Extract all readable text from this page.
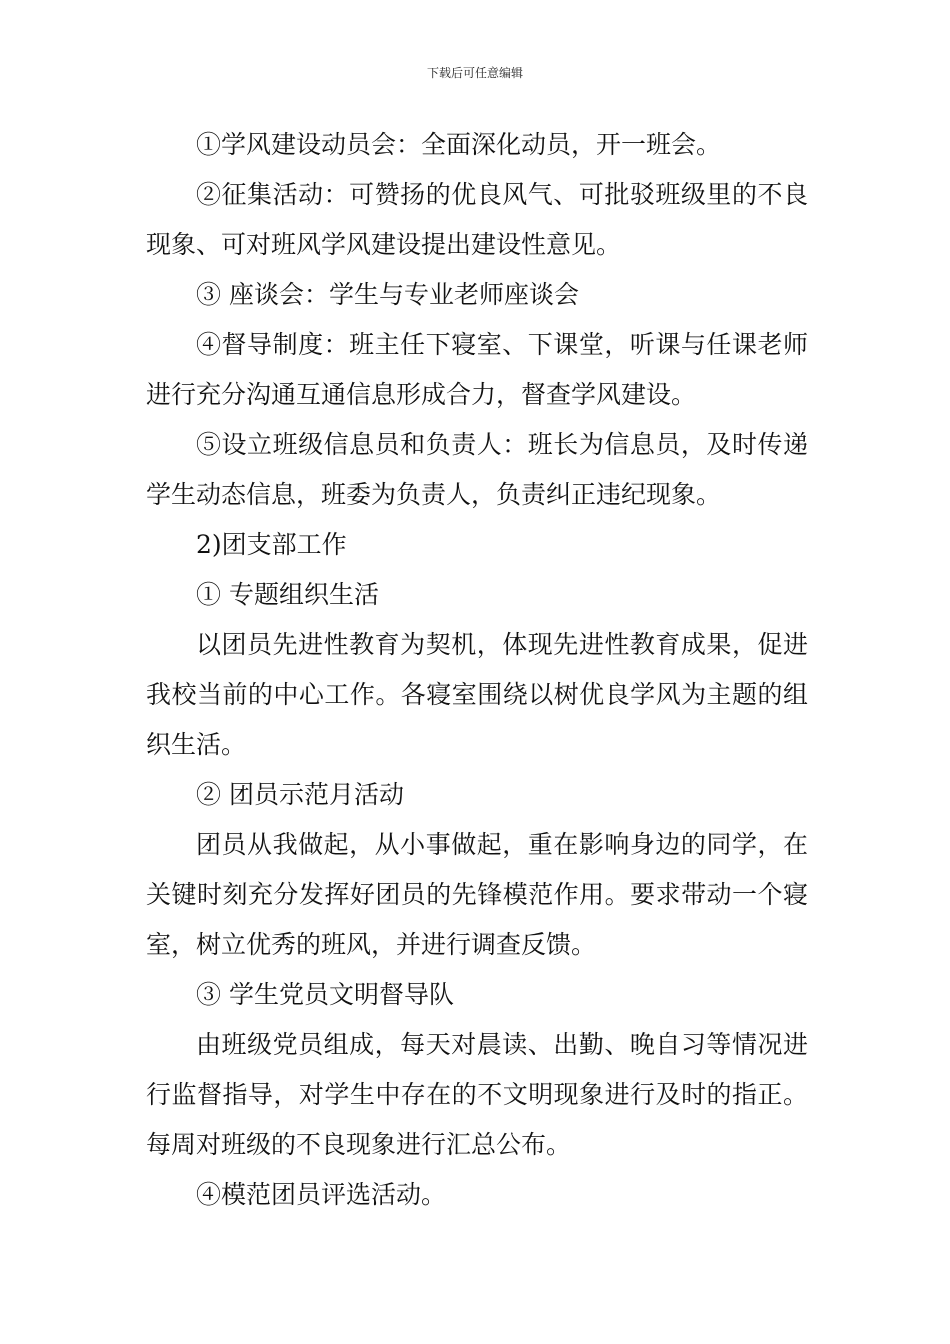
下载后可任意编辑

①学风建设动员会：全面深化动员，开一班会。

②征集活动：可赞扬的优良风气、可批驳班级里的不良现象、可对班风学风建设提出建设性意见。

③ 座谈会：学生与专业老师座谈会

④督导制度：班主任下寝室、下课堂，听课与任课老师进行充分沟通互通信息形成合力，督查学风建设。

⑤设立班级信息员和负责人：班长为信息员，及时传递学生动态信息，班委为负责人，负责纠正违纪现象。

2)团支部工作

① 专题组织生活

以团员先进性教育为契机，体现先进性教育成果，促进我校当前的中心工作。各寝室围绕以树优良学风为主题的组织生活。

② 团员示范月活动

团员从我做起，从小事做起，重在影响身边的同学，在关键时刻充分发挥好团员的先锋模范作用。要求带动一个寝室，树立优秀的班风，并进行调查反馈。

③ 学生党员文明督导队

由班级党员组成，每天对晨读、出勤、晚自习等情况进行监督指导，对学生中存在的不文明现象进行及时的指正。每周对班级的不良现象进行汇总公布。

④模范团员评选活动。
